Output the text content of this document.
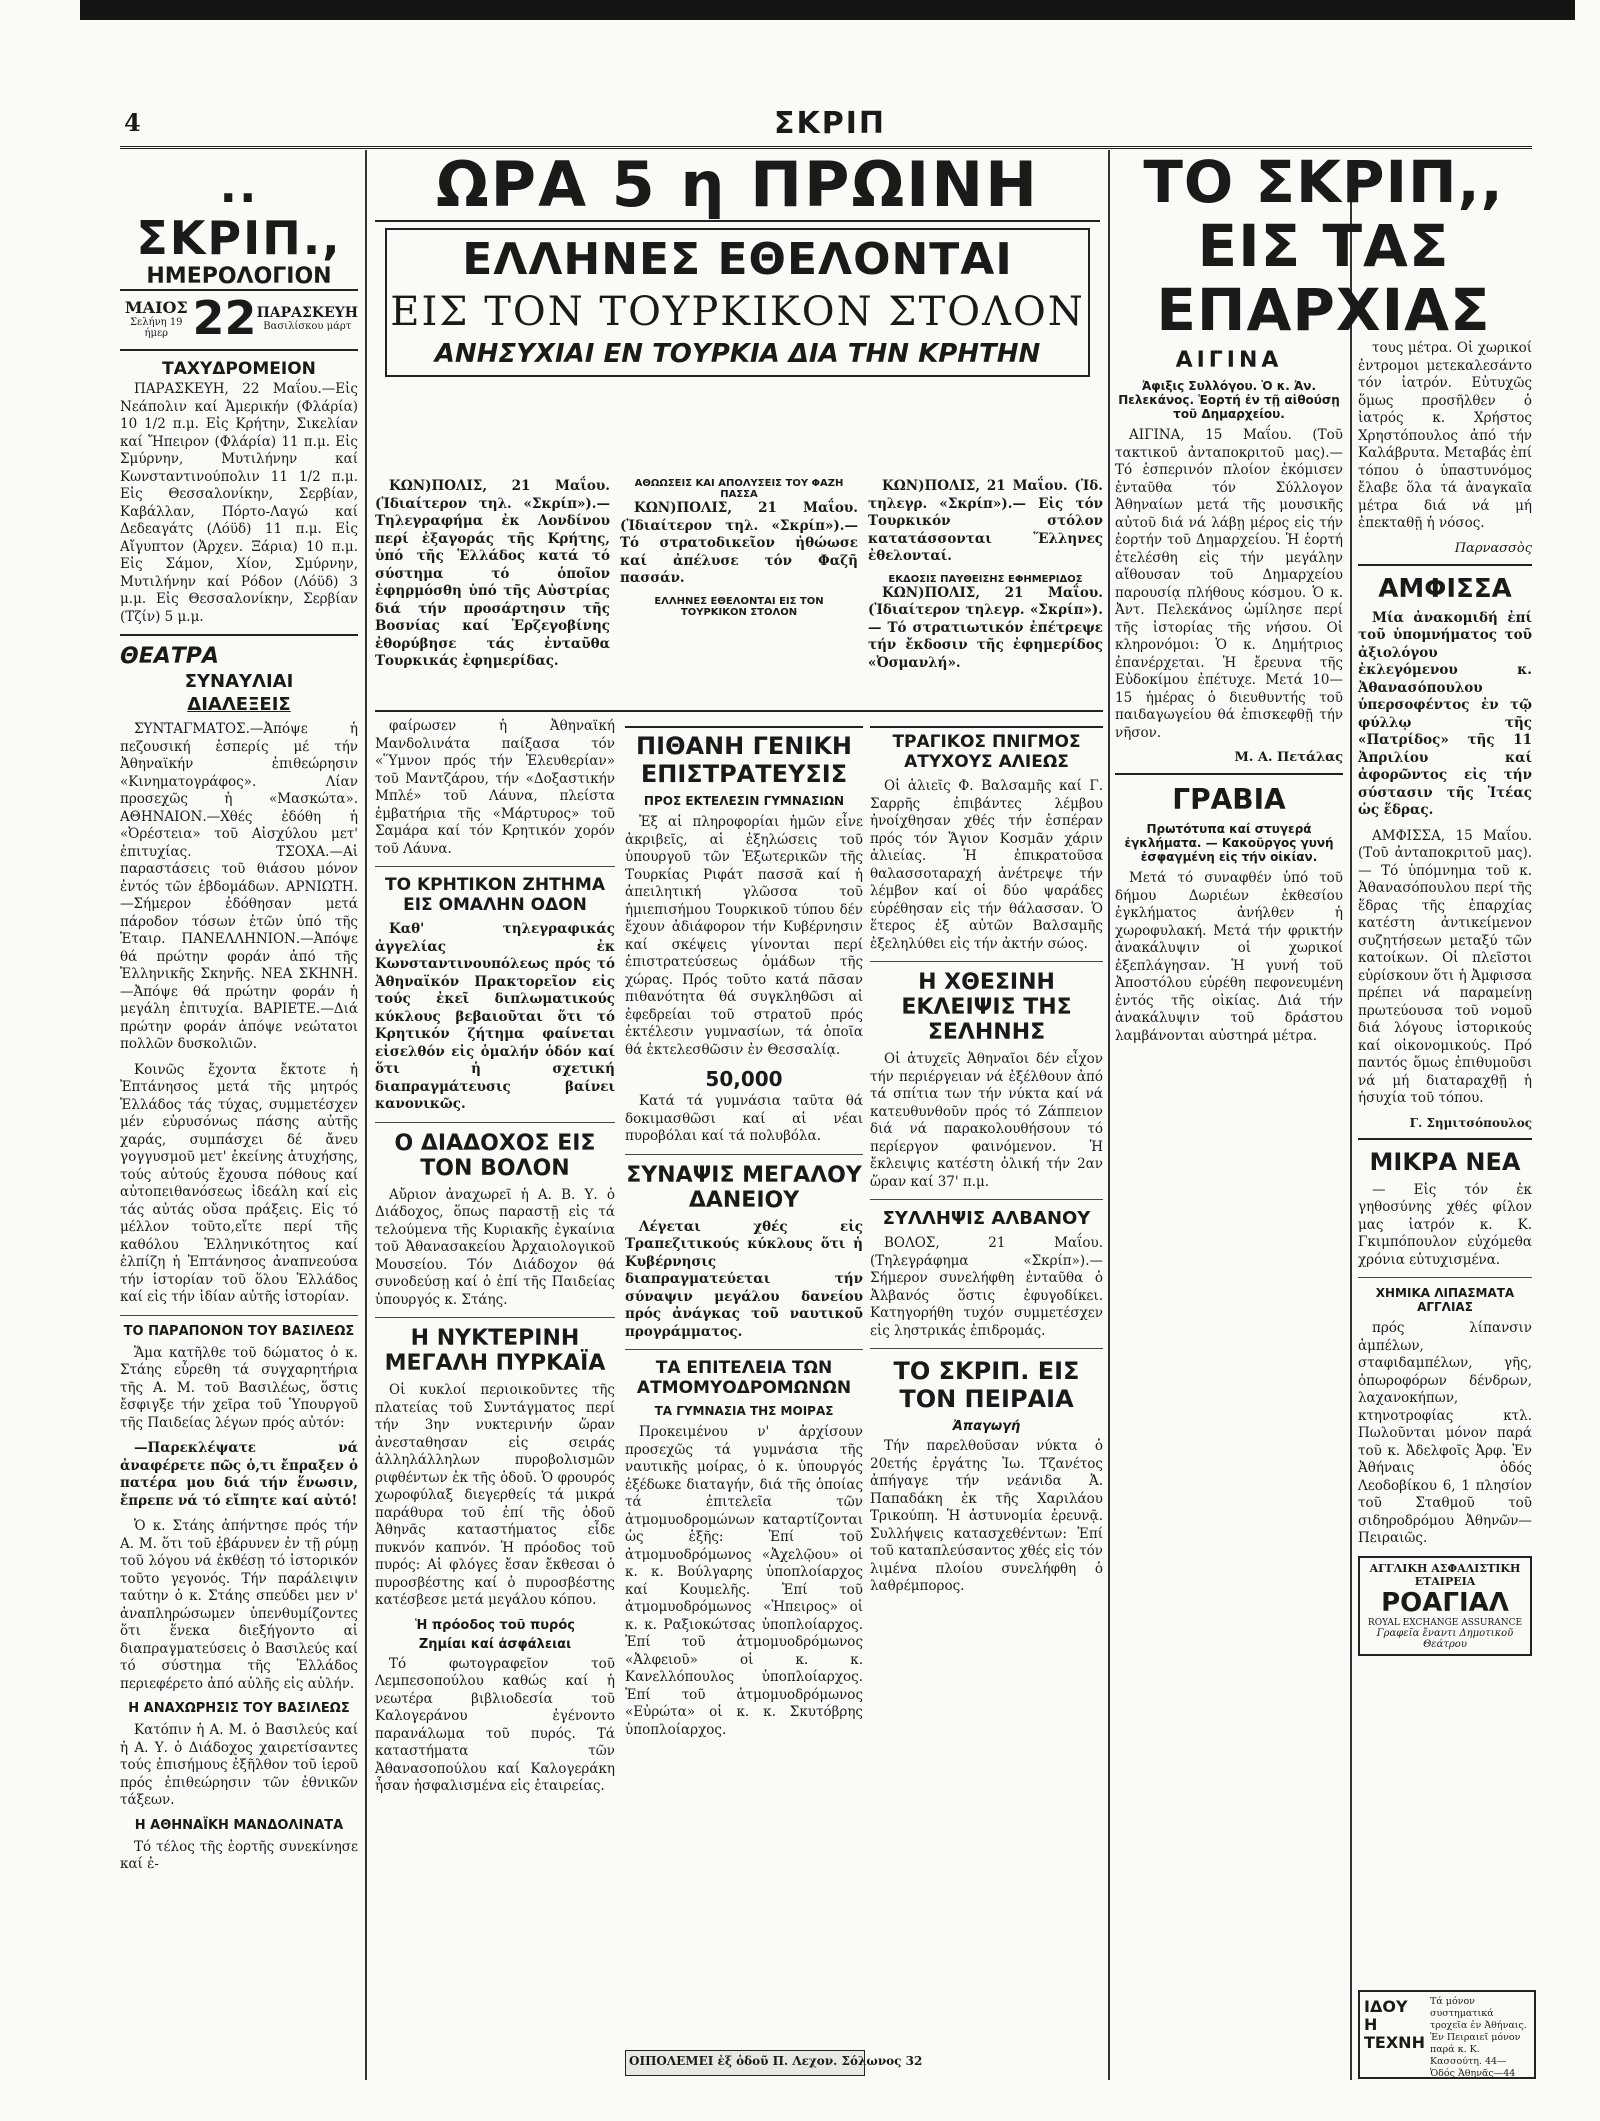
4	ΣΚΡΙΠ
.. ΣΚΡΙΠ.,
ΗΜΕΡΟΛΟΓΙΟΝ
ΜΑΙΟΣ
Σελήνη 19 ήμερ 22 ΠΑΡΑΣΚΕΥΗ
Βασιλίσκου μάρτ
ΤΑΧΥΔΡΟΜΕΙΟΝ

ΠΑΡΑΣΚΕΥΗ, 22 Μαΐου.—Εἰς Νεάπολιν καί Ἀμερικήν (Φλάρία) 10 1/2 π.μ. Εἰς Κρήτην, Σικελίαν καί Ἤπειρον (Φλάρία) 11 π.μ. Εἰς Σμύρνην, Μυτιλήνην καί Κωνσταντινούπολιν 11 1/2 π.μ. Εἰς Θεσσαλονίκην, Σερβίαν, Καβάλλαν, Πόρτο-Λαγώ καί Δεδεαγάτς (Λόϋδ) 11 π.μ. Εἰς Αἴγυπτον (Ἀρχεν. Ξάρια) 10 π.μ. Εἰς Σάμον, Χίον, Σμύρνην, Μυτιλήνην καί Ρόδον (Λόϋδ) 3 μ.μ. Εἰς Θεσσαλονίκην, Σερβίαν (Τζίν) 5 μ.μ.

ΘΕΑΤΡΑ
ΣΥΝΑΥΛΙΑΙ
ΔΙΑΛΕΞΕΙΣ

ΣΥΝΤΑΓΜΑΤΟΣ.—Ἀπόψε ἡ πεζουσική ἑσπερίς μέ τήν Ἀθηναϊκήν ἐπιθεώρησιν «Κινηματογράφος». Λίαν προσεχῶς ἡ «Μασκώτα». ΑΘΗΝΑΙΟΝ.—Χθές ἐδόθη ἡ «Ὀρέστεια» τοῦ Αἰσχύλου μετ' ἐπιτυχίας. ΤΣΟΧΑ.—Αἱ παραστάσεις τοῦ θιάσου μόνον ἐντός τῶν ἑβδομάδων. ΑΡΝΙΩΤΗ.—Σήμερον ἐδόθησαν μετά πάροδον τόσων ἐτῶν ὑπό τῆς Ἑταιρ. ΠΑΝΕΛΛΗΝΙΟΝ.—Ἀπόψε θά πρώτην φοράν ἀπό τῆς Ἑλληνικῆς Σκηνῆς. ΝΕΑ ΣΚΗΝΗ.—Ἀπόψε θά πρώτην φοράν ἡ μεγάλη ἐπιτυχία. ΒΑΡΙΕΤΕ.—Διά πρώτην φοράν ἀπόψε νεώτατοι πολλῶν δυσκολιῶν.

Κοινῶς ἔχοντα ἔκτοτε ἡ Ἐπτάνησος μετά τῆς μητρός Ἑλλάδος τάς τύχας, συμμετέσχεν μέν εὐρυσόνως πάσης αὐτῆς χαράς, συμπάσχει δέ ἄνευ γογγυσμοῦ μετ' ἐκείνης ἀτυχήσης, τούς αὐτούς ἔχουσα πόθους καί αὐτοπειθανόσεως ἰδεάλη καί εἰς τάς αὐτάς οὔσα πράξεις. Εἰς τό μέλλον τοῦτο,εἴτε περί τῆς καθόλου Ἑλληνικότητος καί ἐλπίζη ἡ Ἐπτάνησος ἀναπνεούσα τήν ἱστορίαν τοῦ ὅλου Ἑλλάδος καί εἰς τήν ἰδίαν αὐτῆς ἱστορίαν.

ΤΟ ΠΑΡΑΠΟΝΟΝ ΤΟΥ ΒΑΣΙΛΕΩΣ

Ἅμα κατῆλθε τοῦ δώματος ὁ κ. Στάης εὗρεθη τά συγχαρητήρια τῆς Α. Μ. τοῦ Βασιλέως, ὅστις ἔσφιγξε τήν χεῖρα τοῦ Ὑπουργοῦ τῆς Παιδείας λέγων πρός αὐτόν:

—Παρεκλέψατε νά ἀναφέρετε πῶς ὁ,τι ἔπραξεν ὁ πατέρα μου διά τήν ἕνωσιν, ἔπρεπε νά τό εἴπητε καί αὐτό!

Ὁ κ. Στάης ἀπήντησε πρός τήν Α. Μ. ὅτι τοῦ ἐβάρυνεν ἐν τῇ ρύμῃ τοῦ λόγου νά ἐκθέσῃ τό ἱστορικόν τοῦτο γεγονός. Τήν παράλειψιν ταύτην ὁ κ. Στάης σπεύδει μεν ν' ἀναπληρώσωμεν ὑπενθυμίζοντες ὅτι ἕνεκα διεξήγοντο αἱ διαπραγματεύσεις ὁ Βασιλεύς καί τό σύστημα τῆς Ἑλλάδος περιεφέρετο ἀπό αὐλῆς εἰς αὐλήν.

Η ΑΝΑΧΩΡΗΣΙΣ ΤΟΥ ΒΑΣΙΛΕΩΣ

Κατόπιν ἡ Α. Μ. ὁ Βασιλεύς καί ἡ Α. Υ. ὁ Διάδοχος χαιρετίσαντες τούς ἐπισήμους ἐξῆλθον τοῦ ἱεροῦ πρός ἐπιθεώρησιν τῶν ἐθνικῶν τάξεων.

Η ΑΘΗΝΑΪΚΗ ΜΑΝΔΟΛΙΝΑΤΑ

Τό τέλος τῆς ἑορτῆς συνεκίνησε καί ἐ-

ΩΡΑ 5 η ΠΡΩΙΝΗ
ΕΛΛΗΝΕΣ ΕΘΕΛΟΝΤΑΙ
ΕΙΣ ΤΟΝ ΤΟΥΡΚΙΚΟΝ ΣΤΟΛΟΝ
ΑΝΗΣΥΧΙΑΙ ΕΝ ΤΟΥΡΚΙΑ ΔΙΑ ΤΗΝ ΚΡΗΤΗΝ

ΚΩΝ)ΠΟΛΙΣ, 21 Μαΐου. (Ἰδιαίτερον τηλ. «Σκρίπ»).— Τηλεγραφήμα ἐκ Λονδίνου περί ἐξαγοράς τῆς Κρήτης, ὑπό τῆς Ἑλλάδος κατά τό σύστημα τό ὁποῖον ἐφηρμόσθη ὑπό τῆς Αὐστρίας διά τήν προσάρτησιν τῆς Βοσνίας καί Ἐρζεγοβίνης ἐθορύβησε τάς ἐνταῦθα Τουρκικάς ἐφημερίδας.

ΑΘΩΩΣΕΙΣ ΚΑΙ ΑΠΟΛΥΣΕΙΣ ΤΟΥ ΦΑΖΗ ΠΑΣΣΑ

ΚΩΝ)ΠΟΛΙΣ, 21 Μαΐου. (Ἰδιαίτερον τηλ. «Σκρίπ»).— Τό στρατοδικεῖον ἠθώωσε καί ἀπέλυσε τόν Φαζῆ πασσάν.

ΕΛΛΗΝΕΣ ΕΘΕΛΟΝΤΑΙ ΕΙΣ ΤΟΝ ΤΟΥΡΚΙΚΟΝ ΣΤΟΛΟΝ

ΚΩΝ)ΠΟΛΙΣ, 21 Μαΐου. (Ἰδ. τηλεγρ. «Σκρίπ»).— Εἰς τόν Τουρκικόν στόλον κατατάσσονται Ἕλληνες ἐθελονταί.

ΕΚΔΟΣΙΣ ΠΑΥΘΕΙΣΗΣ ΕΦΗΜΕΡΙΔΟΣ

ΚΩΝ)ΠΟΛΙΣ, 21 Μαΐου. (Ἰδιαίτερον τηλεγρ. «Σκρίπ»).— Τό στρατιωτικόν ἐπέτρεψε τήν ἔκδοσιν τῆς ἐφημερίδος «Ὀσμανλή».

φαίρωσεν ἡ Ἀθηναϊκή Μανδολινάτα παίξασα τόν «Ὕμνον πρός τήν Ἐλευθερίαν» τοῦ Μαντζάρου, τήν «Δοξαστικήν Μπλέ» τοῦ Λάυνα, πλείστα ἐμβατήρια τῆς «Μάρτυρος» τοῦ Σαμάρα καί τόν Κρητικόν χορόν τοῦ Λάυνα.

ΤΟ ΚΡΗΤΙΚΟΝ ΖΗΤΗΜΑ ΕΙΣ ΟΜΑΛΗΝ ΟΔΟΝ

Καθ' τηλεγραφικάς ἀγγελίας ἐκ Κωνσταντινουπόλεως πρός τό Ἀθηναϊκόν Πρακτορεῖον εἰς τούς ἐκεῖ διπλωματικούς κύκλους βεβαιοῦται ὅτι τό Κρητικόν ζήτημα φαίνεται εἰσελθόν εἰς ὁμαλήν ὁδόν καί ὅτι ἡ σχετική διαπραγμάτευσις βαίνει κανονικῶς.

Ο ΔΙΑΔΟΧΟΣ ΕΙΣ ΤΟΝ ΒΟΛΟΝ

Αὔριον ἀναχωρεῖ ἡ Α. Β. Υ. ὁ Διάδοχος, ὅπως παραστῇ εἰς τά τελούμενα τῆς Κυριακῆς ἐγκαίνια τοῦ Ἀθανασακείου Ἀρχαιολογικοῦ Μουσείου. Τόν Διάδοχον θά συνοδεύσῃ καί ὁ ἐπί τῆς Παιδείας ὑπουργός κ. Στάης.

Η ΝΥΚΤΕΡΙΝΗ ΜΕΓΑΛΗ ΠΥΡΚΑΪΑ

Οἱ κυκλοί περιοικοῦντες τῆς πλατείας τοῦ Συντάγματος περί τήν 3ην νυκτερινήν ὥραν ἀνεσταθησαν εἰς σειράς ἀλληλάλληλων πυροβολισμῶν ριφθέντων ἐκ τῆς ὁδοῦ. Ὁ φρουρός χωροφύλαξ διεγερθείς τά μικρά παράθυρα τοῦ ἐπί τῆς ὁδοῦ Ἀθηνᾶς καταστήματος εἶδε πυκνόν καπνόν. Ἡ πρόοδος τοῦ πυρός: Αἱ φλόγες ἔσαν ἔκθεσαι ὁ πυροσβέστης καί ὁ πυροσβέστης κατέσβεσε μετά μεγάλου κόπου.

Ἡ πρόοδος τοῦ πυρός
Ζημίαι καί ἀσφάλειαι

Τό φωτογραφεῖον τοῦ Λεμπεσοπούλου καθώς καί ἡ νεωτέρα βιβλιοδεσία τοῦ Καλογεράνου ἐγένοντο παρανάλωμα τοῦ πυρός. Τά καταστήματα τῶν Ἀθανασοπούλου καί Καλογεράκη ἦσαν ἠσφαλισμένα εἰς ἑταιρείας.

ΠΙΘΑΝΗ ΓΕΝΙΚΗ ΕΠΙΣΤΡΑΤΕΥΣΙΣ
ΠΡΟΣ ΕΚΤΕΛΕΣΙΝ ΓΥΜΝΑΣΙΩΝ

Ἐξ αἱ πληροφορίαι ἡμῶν εἶνε ἀκριβεῖς, αἱ ἐξηλώσεις τοῦ ὑπουργοῦ τῶν Ἐξωτερικῶν τῆς Τουρκίας Ριφάτ πασσᾶ καί ἡ ἀπειλητική γλῶσσα τοῦ ἡμιεπισήμου Τουρκικοῦ τύπου δέν ἔχουν ἀδιάφορον τήν Κυβέρνησιν καί σκέψεις γίνονται περί ἐπιστρατεύσεως ὁμάδων τῆς χώρας. Πρός τοῦτο κατά πᾶσαν πιθανότητα θά συγκληθῶσι αἱ ἐφεδρείαι τοῦ στρατοῦ πρός ἐκτέλεσιν γυμνασίων, τά ὁποῖα θά ἐκτελεσθῶσιν ἐν Θεσσαλίᾳ.

50,000

Κατά τά γυμνάσια ταῦτα θά δοκιμασθῶσι καί αἱ νέαι πυροβόλαι καί τά πολυβόλα.

ΣΥΝΑΨΙΣ ΜΕΓΑΛΟΥ ΔΑΝΕΙΟΥ

Λέγεται χθές εἰς Τραπεζιτικούς κύκλους ὅτι ἡ Κυβέρνησις διαπραγματεύεται τήν σύναψιν μεγάλου δανείου πρός ἀνάγκας τοῦ ναυτικοῦ προγράμματος.

ΤΑ ΕΠΙΤΕΛΕΙΑ ΤΩΝ ΑΤΜΟΜΥΟΔΡΟΜΩΝΩΝ
ΤΑ ΓΥΜΝΑΣΙΑ ΤΗΣ ΜΟΙΡΑΣ

Προκειμένου ν' ἀρχίσουν προσεχῶς τά γυμνάσια τῆς ναυτικῆς μοίρας, ὁ κ. ὑπουργός ἐξέδωκε διαταγήν, διά τῆς ὁποίας τά ἐπιτελεῖα τῶν ἀτμομυοδρομώνων καταρτίζονται ὡς ἑξῆς: Ἐπί τοῦ ἀτμομυοδρόμωνος «Ἀχελῷου» οἱ κ. κ. Βούλγαρης ὑποπλοίαρχος καί Κουμελῆς. Ἐπί τοῦ ἀτμομυοδρόμωνος «Ἠπειρος» οἱ κ. κ. Ραξιοκώτσας ὑποπλοίαρχος. Ἐπί τοῦ ἀτμομυοδρόμωνος «Ἀλφειοῦ» οἱ κ. κ. Κανελλόπουλος ὑποπλοίαρχος. Ἐπί τοῦ ἀτμομυοδρόμωνος «Εὐρώτα» οἱ κ. κ. Σκυτόβρης ὑποπλοίαρχος.

ΟΙΠΟΛΕΜΕΙ ἐξ ὁδοῦ Π. Λεχον. Σόλωνος 32
ΤΡΑΓΙΚΟΣ ΠΝΙΓΜΟΣ ΑΤΥΧΟΥΣ ΑΛΙΕΩΣ

Οἱ ἁλιεῖς Φ. Βαλσαμῆς καί Γ. Σαρρῆς ἐπιβάντες λέμβου ἠνοίχθησαν χθές τήν ἑσπέραν πρός τόν Ἅγιον Κοσμᾶν χάριν ἁλιείας. Ἡ ἐπικρατοῦσα θαλασσοταραχή ἀνέτρεψε τήν λέμβον καί οἱ δύο ψαράδες εὑρέθησαν εἰς τήν θάλασσαν. Ὁ ἕτερος ἐξ αὐτῶν Βαλσαμῆς ἐξεληλύθει εἰς τήν ἀκτήν σώος.

Η ΧΘΕΣΙΝΗ ΕΚΛΕΙΨΙΣ ΤΗΣ ΣΕΛΗΝΗΣ

Οἱ ἀτυχεῖς Ἀθηναῖοι δέν εἶχον τήν περιέργειαν νά ἐξέλθουν ἀπό τά σπίτια των τήν νύκτα καί νά κατευθυνθοῦν πρός τό Ζάππειον διά νά παρακολουθήσουν τό περίεργον φαινόμενον. Ἡ ἔκλειψις κατέστη ὁλική τήν 2αν ὥραν καί 37' π.μ.

ΣΥΛΛΗΨΙΣ ΑΛΒΑΝΟΥ

ΒΟΛΟΣ, 21 Μαΐου. (Τηλεγράφημα «Σκρίπ»).— Σήμερον συνελήφθη ἐνταῦθα ὁ Ἀλβανός ὅστις ἐφυγοδίκει. Κατηγορήθη τυχόν συμμετέσχεν εἰς ληστρικάς ἐπιδρομάς.

ΤΟ ΣΚΡΙΠ. ΕΙΣ ΤΟΝ ΠΕΙΡΑΙΑ
Ἀπαγωγή

Τήν παρελθοῦσαν νύκτα ὁ 20ετής ἐργάτης Ἰω. Τζανέτος ἀπήγαγε τήν νεάνιδα Ἀ. Παπαδάκη ἐκ τῆς Χαριλάου Τρικούπη. Ἡ ἀστυνομία ἐρευνᾷ. Συλλήψεις κατασχεθέντων: Ἐπί τοῦ καταπλεύσαντος χθές εἰς τόν λιμένα πλοίου συνελήφθη ὁ λαθρέμπορος.

ΤΟ ΣΚΡΙΠ,, ΕΙΣ ΤΑΣ ΕΠΑΡΧΙΑΣ
ΑΙΓΙΝΑ
Ἀφιξις Συλλόγου. Ὁ κ. Ἀν. Πελεκάνος. Ἑορτή ἐν τῇ αἰθούσῃ τοῦ Δημαρχείου.

ΑΙΓΙΝΑ, 15 Μαΐου. (Τοῦ τακτικοῦ ἀνταποκριτοῦ μας).— Τό ἑσπερινόν πλοίον ἐκόμισεν ἐνταῦθα τόν Σύλλογον Ἀθηναίων μετά τῆς μουσικῆς αὐτοῦ διά νά λάβῃ μέρος εἰς τήν ἑορτήν τοῦ Δημαρχείου. Ἡ ἑορτή ἐτελέσθη εἰς τήν μεγάλην αἴθουσαν τοῦ Δημαρχείου παρουσίᾳ πλήθους κόσμου. Ὁ κ. Ἀντ. Πελεκάνος ὡμίλησε περί τῆς ἱστορίας τῆς νήσου. Οἱ κληρονόμοι: Ὁ κ. Δημήτριος ἐπανέρχεται. Ἡ ἔρευνα τῆς Εὐδοκίμου ἐπέτυχε. Μετά 10—15 ἡμέρας ὁ διευθυντής τοῦ παιδαγωγείου θά ἐπισκεφθῇ τήν νῆσον.

Μ. Α. Πετάλας
ΓΡΑΒΙΑ
Πρωτότυπα καί στυγερά ἐγκλήματα. — Κακοῦργος γυνή ἐσφαγμένη εἰς τήν οἰκίαν.

Μετά τό συναφθέν ὑπό τοῦ δήμου Δωριέων ἐκθεσίου ἐγκλήματος ἀνήλθεν ἡ χωροφυλακή. Μετά τήν φρικτήν ἀνακάλυψιν οἱ χωρικοί ἐξεπλάγησαν. Ἡ γυνή τοῦ Ἀποστόλου εὑρέθη πεφονευμένη ἐντός τῆς οἰκίας. Διά τήν ἀνακάλυψιν τοῦ δράστου λαμβάνονται αὐστηρά μέτρα.

τους μέτρα. Οἱ χωρικοί ἐντρομοι μετεκαλεσάντο τόν ἰατρόν. Εὐτυχῶς ὅμως προσῆλθεν ὁ ἰατρός κ. Χρήστος Χρηστόπουλος ἀπό τήν Καλάβρυτα. Μεταβάς ἐπί τόπου ὁ ὑπαστυνόμος ἔλαβε ὅλα τά ἀναγκαῖα μέτρα διά νά μή ἐπεκταθῇ ἡ νόσος.

Παρνασσὸς
ΑΜΦΙΣΣΑ

Μία ἀνακομιδή ἐπί τοῦ ὑπομνήματος τοῦ ἀξιολόγου ἐκλεγόμενου κ. Ἀθανασόπουλου ὑπερσοφέντος ἐν τῷ φύλλῳ τῆς «Πατρίδος» τῆς 11 Ἀπριλίου καί ἀφορῶντος εἰς τήν σύστασιν τῆς Ἱτέας ὡς ἕδρας.

ΑΜΦΙΣΣΑ, 15 Μαΐου. (Τοῦ ἀνταποκριτοῦ μας).— Τό ὑπόμνημα τοῦ κ. Ἀθανασόπουλου περί τῆς ἕδρας τῆς ἐπαρχίας κατέστη ἀντικείμενον συζητήσεων μεταξύ τῶν κατοίκων. Οἱ πλεῖστοι εὑρίσκουν ὅτι ἡ Ἀμφισσα πρέπει νά παραμείνῃ πρωτεύουσα τοῦ νομοῦ διά λόγους ἱστορικούς καί οἰκονομικούς. Πρό παντός ὅμως ἐπιθυμοῦσι νά μή διαταραχθῇ ἡ ἡσυχία τοῦ τόπου.

Γ. Σημιτσόπουλος
ΜΙΚΡΑ ΝΕΑ

— Εἰς τόν ἐκ γηθοσύνης χθές φίλον μας ἰατρόν κ. Κ. Γκιμπόπουλον εὐχόμεθα χρόνια εὐτυχισμένα.

ΧΗΜΙΚΑ ΛΙΠΑΣΜΑΤΑ ΑΓΓΛΙΑΣ

πρός λίπανσιν ἀμπέλων, σταφιδαμπέλων, γῆς, ὀπωροφόρων δένδρων, λαχανοκήπων, κτηνοτροφίας κτλ. Πωλοῦνται μόνον παρά τοῦ κ. Ἀδελφοῖς Ἀρφ. Ἐν Ἀθήναις ὁδός Λεοδοβίκου 6, 1 πλησίον τοῦ Σταθμοῦ τοῦ σιδηροδρόμου Ἀθηνῶν—Πειραιῶς.

ΑΓΓΛΙΚΗ ΑΣΦΑΛΙΣΤΙΚΗ ΕΤΑΙΡΕΙΑ
ΡΟΑΓΙΑΛ
ROYAL EXCHANGE ASSURANCE
Γραφεῖα ἔναντι Δημοτικοῦ Θεάτρου
ΙΔΟΥ Η ΤΕΧΝΗ
Τά μόνον συστηματικά τροχεῖα ἐν Ἀθήναις. Ἐν Πειραιεῖ μόνον παρά κ. Κ. Κασσούτη. 44—Ὁδός Ἀθηνᾶς—44
